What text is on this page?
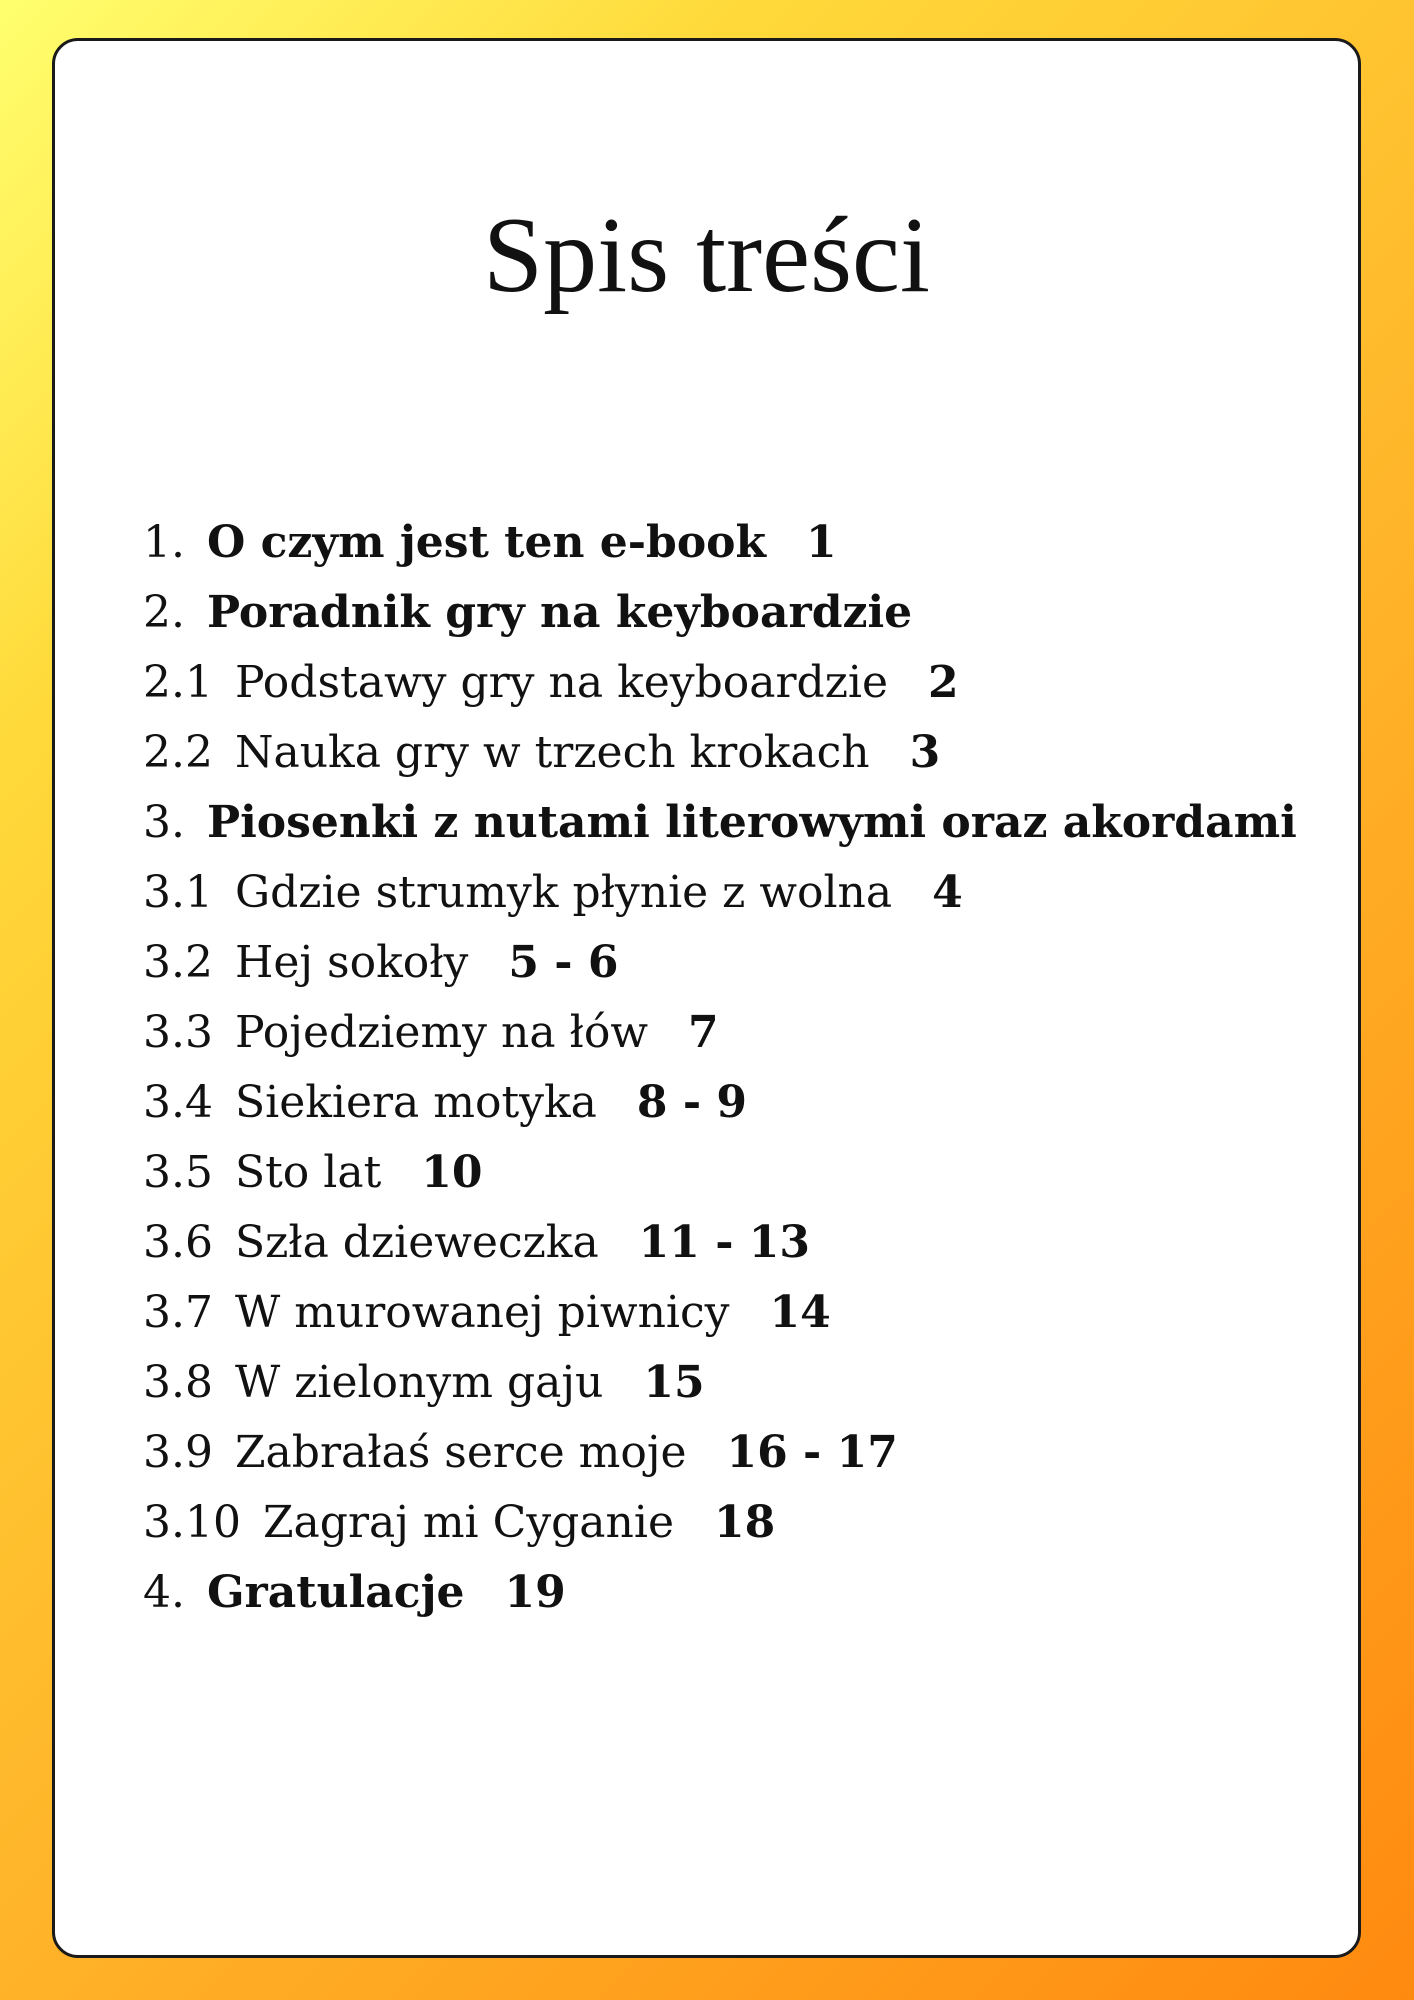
Spis treści
1. O czym jest ten e-book 1
2. Poradnik gry na keyboardzie
2.1 Podstawy gry na keyboardzie 2
2.2 Nauka gry w trzech krokach 3
3. Piosenki z nutami literowymi oraz akordami
3.1 Gdzie strumyk płynie z wolna 4
3.2 Hej sokoły 5 - 6
3.3 Pojedziemy na łów 7
3.4 Siekiera motyka 8 - 9
3.5 Sto lat 10
3.6 Szła dzieweczka 11 - 13
3.7 W murowanej piwnicy 14
3.8 W zielonym gaju 15
3.9 Zabrałaś serce moje 16 - 17
3.10 Zagraj mi Cyganie 18
4. Gratulacje 19
